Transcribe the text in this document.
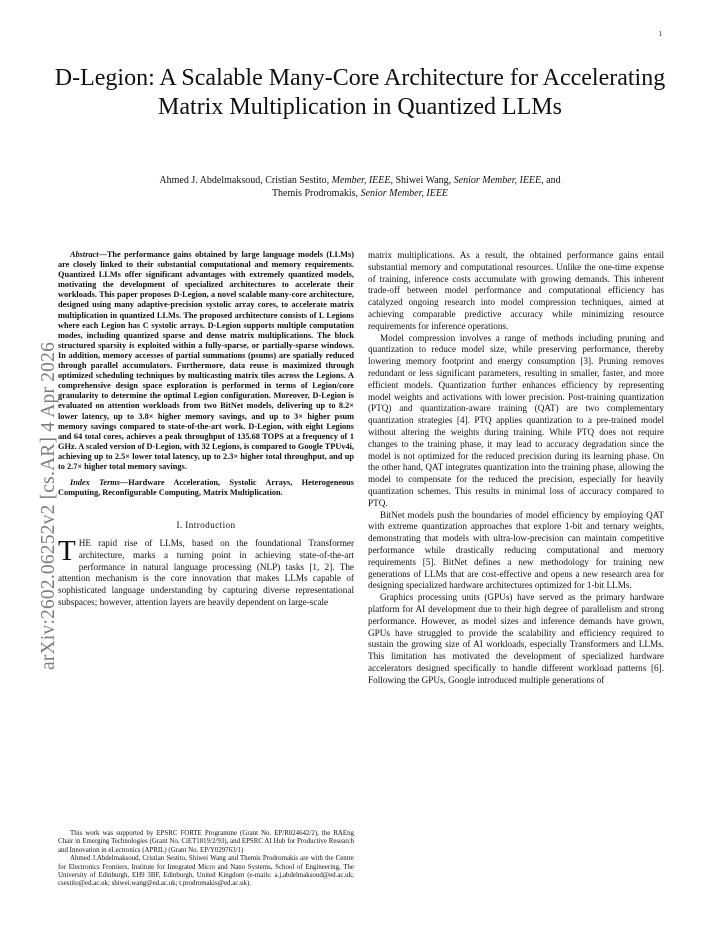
1
arXiv:2602.06252v2 [cs.AR] 4 Apr 2026
D-Legion: A Scalable Many-Core Architecture for Accelerating Matrix Multiplication in Quantized LLMs
Ahmed J. Abdelmaksoud, Cristian Sestito, Member, IEEE, Shiwei Wang, Senior Member, IEEE, and
Themis Prodromakis, Senior Member, IEEE

Abstract—The performance gains obtained by large language models (LLMs) are closely linked to their substantial computational and memory requirements. Quantized LLMs offer significant advantages with extremely quantized models, motivating the development of specialized architectures to accelerate their workloads. This paper proposes D-Legion, a novel scalable many-core architecture, designed using many adaptive-precision systolic array cores, to accelerate matrix multiplication in quantized LLMs. The proposed architecture consists of L Legions where each Legion has C systolic arrays. D-Legion supports multiple computation modes, including quantized sparse and dense matrix multiplications. The block structured sparsity is exploited within a fully-sparse, or partially-sparse windows. In addition, memory accesses of partial summations (psums) are spatially reduced through parallel accumulators. Furthermore, data reuse is maximized through optimized scheduling techniques by multicasting matrix tiles across the Legions. A comprehensive design space exploration is performed in terms of Legion/core granularity to determine the optimal Legion configuration. Moreover, D-Legion is evaluated on attention workloads from two BitNet models, delivering up to 8.2× lower latency, up to 3.8× higher memory savings, and up to 3× higher psum memory savings compared to state-of-the-art work. D-Legion, with eight Legions and 64 total cores, achieves a peak throughput of 135.68 TOPS at a frequency of 1 GHz. A scaled version of D-Legion, with 32 Legions, is compared to Google TPUv4i, achieving up to 2.5× lower total latency, up to 2.3× higher total throughput, and up to 2.7× higher total memory savings.

Index Terms—Hardware Acceleration, Systolic Arrays, Heterogeneous Computing, Reconfigurable Computing, Matrix Multiplication.

I. Introduction

THE rapid rise of LLMs, based on the foundational Transformer architecture, marks a turning point in achieving state-of-the-art performance in natural language processing (NLP) tasks [1, 2]. The attention mechanism is the core innovation that makes LLMs capable of sophisticated language understanding by capturing diverse representational subspaces; however, attention layers are heavily dependent on large-scale

This work was supported by EPSRC FORTE Programme (Grant No. EP/R024642/2), the RAEng Chair in Emerging Technologies (Grant No. CiET1819/2/93), and EPSRC AI Hub for Productive Research and Innovation in eLectronics (APRIL) (Grant No. EP/Y029763/1)

Ahmed J.Abdelmaksoud, Cristian Sestito, Shiwei Wang and Themis Prodromakis are with the Centre for Electronics Frontiers, Institute for Integrated Micro and Nano Systems, School of Engineering, The University of Edinburgh, EH9 3BF, Edinburgh, United Kingdom (e-mails: a.j.abdelmaksoud@ed.ac.uk; csestito@ed.ac.uk; shiwei.wang@ed.ac.uk; t.prodromakis@ed.ac.uk).

matrix multiplications. As a result, the obtained performance gains entail substantial memory and computational resources. Unlike the one-time expense of training, inference costs accumulate with growing demands. This inherent trade-off between model performance and computational efficiency has catalyzed ongoing research into model compression techniques, aimed at achieving comparable predictive accuracy while minimizing resource requirements for inference operations.

Model compression involves a range of methods including pruning and quantization to reduce model size, while preserving performance, thereby lowering memory footprint and energy consumption [3]. Pruning removes redundant or less significant parameters, resulting in smaller, faster, and more efficient models. Quantization further enhances efficiency by representing model weights and activations with lower precision. Post-training quantization (PTQ) and quantization-aware training (QAT) are two complementary quantization strategies [4]. PTQ applies quantization to a pre-trained model without altering the weights during training. While PTQ does not require changes to the training phase, it may lead to accuracy degradation since the model is not optimized for the reduced precision during its learning phase. On the other hand, QAT integrates quantization into the training phase, allowing the model to compensate for the reduced the precision, especially for heavily quantization schemes. This results in minimal loss of accuracy compared to PTQ.

BitNet models push the boundaries of model efficiency by employing QAT with extreme quantization approaches that explore 1-bit and ternary weights, demonstrating that models with ultra-low-precision can maintain competitive performance while drastically reducing computational and memory requirements [5]. BitNet defines a new methodology for training new generations of LLMs that are cost-effective and opens a new research area for designing specialized hardware architectures optimized for 1-bit LLMs.

Graphics processing units (GPUs) have served as the primary hardware platform for AI development due to their high degree of parallelism and strong performance. However, as model sizes and inference demands have grown, GPUs have struggled to provide the scalability and efficiency required to sustain the growing size of AI workloads, especially Transformers and LLMs. This limitation has motivated the development of specialized hardware accelerators designed specifically to handle different workload patterns [6]. Following the GPUs, Google introduced multiple generations of
